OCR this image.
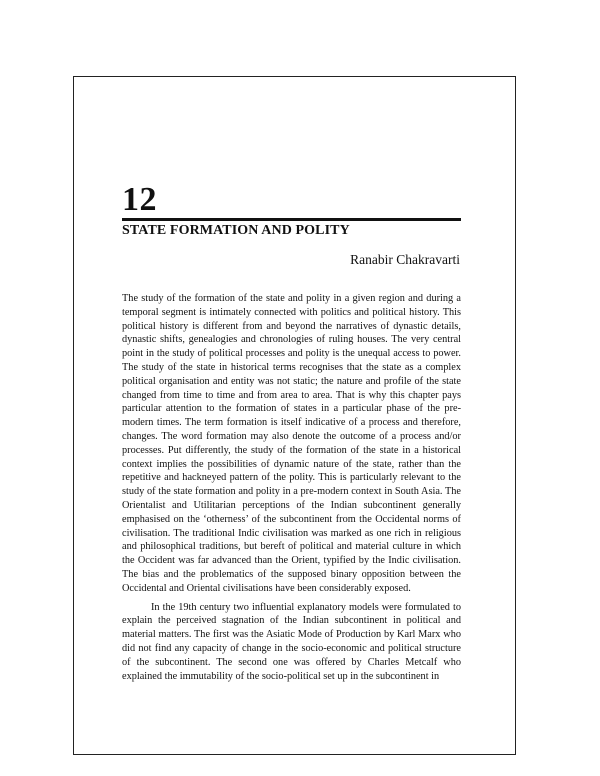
12
STATE FORMATION AND POLITY
Ranabir Chakravarti

The study of the formation of the state and polity in a given region and during a temporal segment is intimately connected with politics and political history. This political history is different from and beyond the narratives of dynastic details, dynastic shifts, genealogies and chronologies of ruling houses. The very central point in the study of political processes and polity is the unequal access to power. The study of the state in historical terms recognises that the state as a complex political organisation and entity was not static; the nature and profile of the state changed from time to time and from area to area. That is why this chapter pays particular attention to the formation of states in a particular phase of the pre-modern times. The term formation is itself indicative of a process and therefore, changes. The word formation may also denote the outcome of a process and/or processes. Put differently, the study of the formation of the state in a historical context implies the possibilities of dynamic nature of the state, rather than the repetitive and hackneyed pattern of the polity. This is particularly relevant to the study of the state formation and polity in a pre-modern context in South Asia. The Orientalist and Utilitarian perceptions of the Indian subcontinent generally emphasised on the ‘otherness’ of the subcontinent from the Occidental norms of civilisation. The traditional Indic civilisation was marked as one rich in religious and philosophical traditions, but bereft of political and material culture in which the Occident was far advanced than the Orient, typified by the Indic civilisation. The bias and the problematics of the supposed binary opposition between the Occidental and Oriental civilisations have been considerably exposed.

In the 19th century two influential explanatory models were formulated to explain the perceived stagnation of the Indian subcontinent in political and material matters. The first was the Asiatic Mode of Production by Karl Marx who did not find any capacity of change in the socio-economic and political structure of the subcontinent. The second one was offered by Charles Metcalf who explained the immutability of the socio-political set up in the subcontinent in
